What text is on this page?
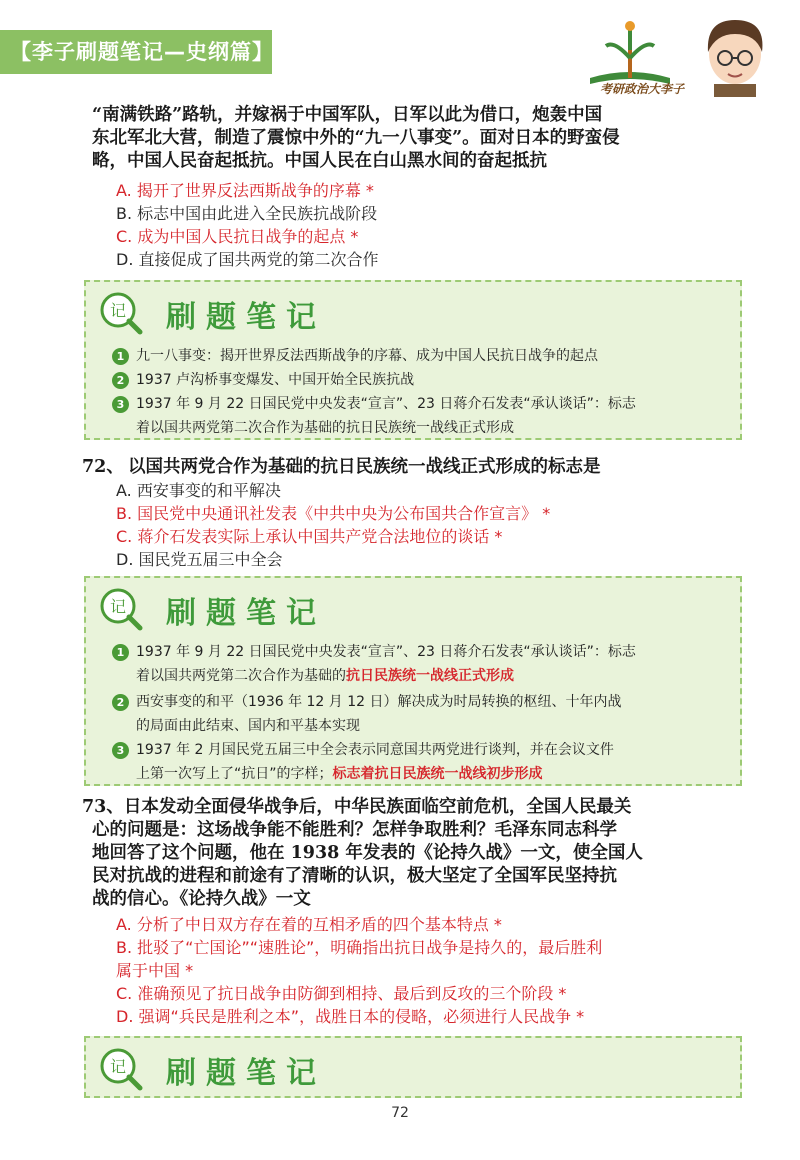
【李子刷题笔记—史纲篇】
考研政治大李子
“南满铁路”路轨，并嫁祸于中国军队，日军以此为借口，炮轰中国
东北军北大营，制造了震惊中外的“九一八事变”。面对日本的野蛮侵
略，中国人民奋起抵抗。中国人民在白山黑水间的奋起抵抗
A. 揭开了世界反法西斯战争的序幕 *
B. 标志中国由此进入全民族抗战阶段
C. 成为中国人民抗日战争的起点 *
D. 直接促成了国共两党的第二次合作
记 刷题笔记
1 九一八事变：揭开世界反法西斯战争的序幕、成为中国人民抗日战争的起点
2 1937 卢沟桥事变爆发、中国开始全民族抗战
3 1937 年 9 月 22 日国民党中央发表“宣言”、23 日蒋介石发表“承认谈话”：标志
着以国共两党第二次合作为基础的抗日民族统一战线正式形成
72、 以国共两党合作为基础的抗日民族统一战线正式形成的标志是
A. 西安事变的和平解决
B. 国民党中央通讯社发表《中共中央为公布国共合作宣言》 *
C. 蒋介石发表实际上承认中国共产党合法地位的谈话 *
D. 国民党五届三中全会
记 刷题笔记
1 1937 年 9 月 22 日国民党中央发表“宣言”、23 日蒋介石发表“承认谈话”：标志
着以国共两党第二次合作为基础的抗日民族统一战线正式形成
2 西安事变的和平（1936 年 12 月 12 日）解决成为时局转换的枢纽、十年内战
的局面由此结束、国内和平基本实现
3 1937 年 2 月国民党五届三中全会表示同意国共两党进行谈判，并在会议文件
上第一次写上了“抗日”的字样；标志着抗日民族统一战线初步形成
73、日本发动全面侵华战争后，中华民族面临空前危机，全国人民最关
心的问题是：这场战争能不能胜利？怎样争取胜利？毛泽东同志科学
地回答了这个问题，他在 1938 年发表的《论持久战》一文，使全国人
民对抗战的进程和前途有了清晰的认识，极大坚定了全国军民坚持抗
战的信心。《论持久战》一文
A. 分析了中日双方存在着的互相矛盾的四个基本特点 *
B. 批驳了“亡国论”“速胜论”，明确指出抗日战争是持久的，最后胜利
属于中国 *
C. 准确预见了抗日战争由防御到相持、最后到反攻的三个阶段 *
D. 强调“兵民是胜利之本”，战胜日本的侵略，必须进行人民战争 *
记 刷题笔记
72
